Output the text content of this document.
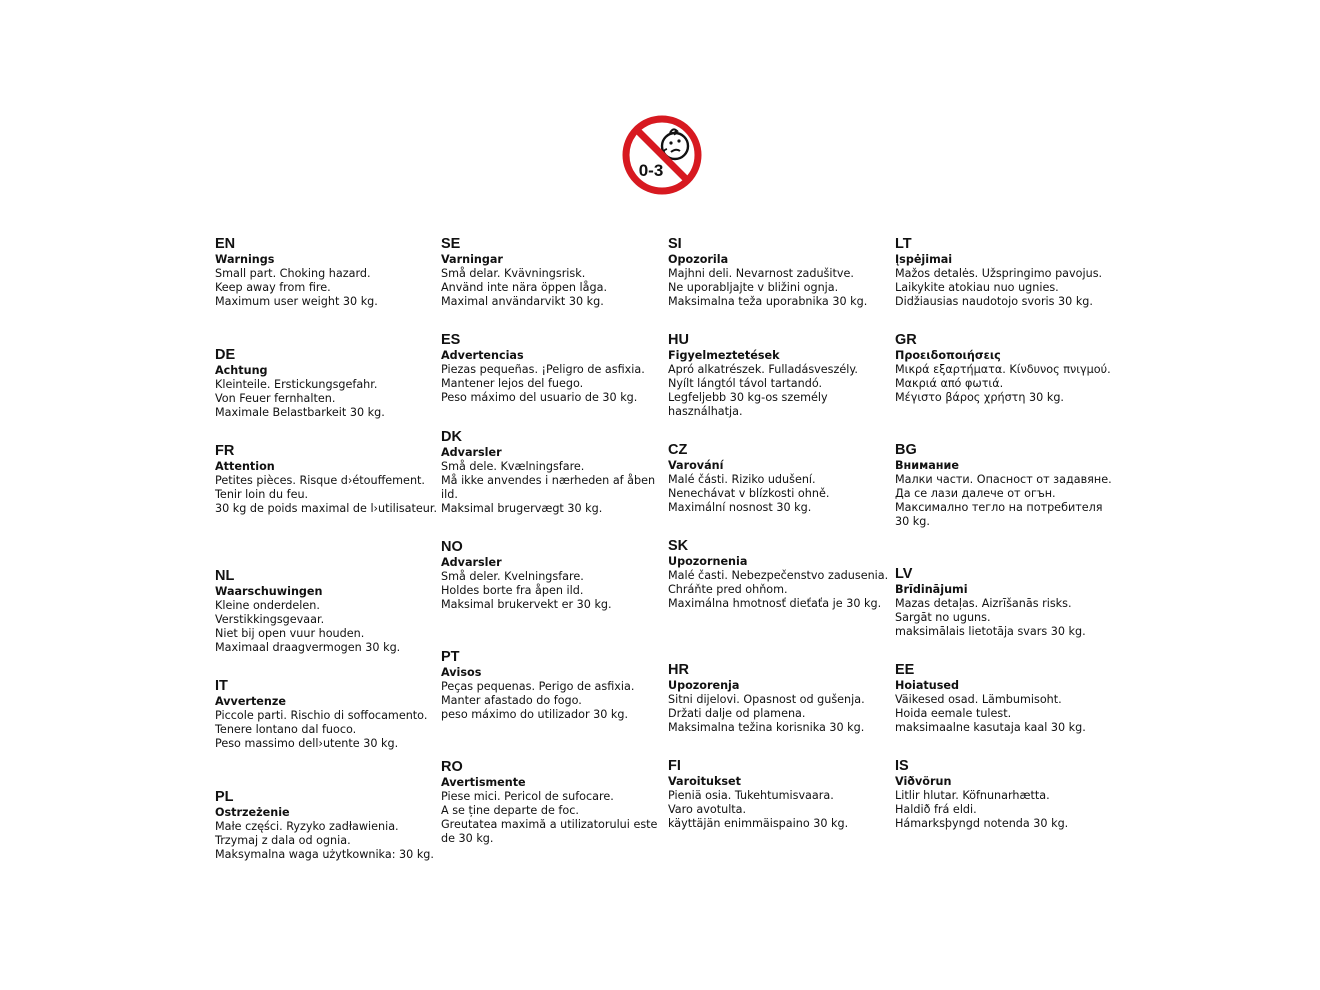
0-3
EN
Warnings
Small part. Choking hazard.
Keep away from fire.
Maximum user weight 30 kg.
DE
Achtung
Kleinteile. Erstickungsgefahr.
Von Feuer fernhalten.
Maximale Belastbarkeit 30 kg.
FR
Attention
Petites pièces. Risque d›étouffement.
Tenir loin du feu.
30 kg de poids maximal de l›utilisateur.
NL
Waarschuwingen
Kleine onderdelen.
Verstikkingsgevaar.
Niet bij open vuur houden.
Maximaal draagvermogen 30 kg.
IT
Avvertenze
Piccole parti. Rischio di soffocamento.
Tenere lontano dal fuoco.
Peso massimo dell›utente 30 kg.
PL
Ostrzeżenie
Małe części. Ryzyko zadławienia.
Trzymaj z dala od ognia.
Maksymalna waga użytkownika: 30 kg.
SE
Varningar
Små delar. Kvävningsrisk.
Använd inte nära öppen låga.
Maximal användarvikt 30 kg.
ES
Advertencias
Piezas pequeñas. ¡Peligro de asfixia.
Mantener lejos del fuego.
Peso máximo del usuario de 30 kg.
DK
Advarsler
Små dele. Kvælningsfare.
Må ikke anvendes i nærheden af åben ild.
Maksimal brugervægt 30 kg.
NO
Advarsler
Små deler. Kvelningsfare.
Holdes borte fra åpen ild.
Maksimal brukervekt er 30 kg.
PT
Avisos
Peças pequenas. Perigo de asfixia.
Manter afastado do fogo.
peso máximo do utilizador 30 kg.
RO
Avertismente
Piese mici. Pericol de sufocare.
A se ține departe de foc.
Greutatea maximă a utilizatorului este de 30 kg.
SI
Opozorila
Majhni deli. Nevarnost zadušitve.
Ne uporabljajte v bližini ognja.
Maksimalna teža uporabnika 30 kg.
HU
Figyelmeztetések
Apró alkatrészek. Fulladásveszély.
Nyílt lángtól távol tartandó.
Legfeljebb 30 kg-os személy használhatja.
CZ
Varování
Malé části. Riziko udušení.
Nenechávat v blízkosti ohně.
Maximální nosnost 30 kg.
SK
Upozornenia
Malé časti. Nebezpečenstvo zadusenia.
Chráňte pred ohňom.
Maximálna hmotnosť dieťaťa je 30 kg.
HR
Upozorenja
Sitni dijelovi. Opasnost od gušenja.
Držati dalje od plamena.
Maksimalna težina korisnika 30 kg.
FI
Varoitukset
Pieniä osia. Tukehtumisvaara.
Varo avotulta.
käyttäjän enimmäispaino 30 kg.
LT
Įspėjimai
Mažos detalės. Užspringimo pavojus.
Laikykite atokiau nuo ugnies.
Didžiausias naudotojo svoris 30 kg.
GR
Προειδοποιήσεις
Μικρά εξαρτήματα. Κίνδυνος πνιγμού.
Μακριά από φωτιά.
Μέγιστο βάρος χρήστη 30 kg.
BG
Внимание
Малки части. Опасност от задавяне.
Да се лази далече от огън.
Максимално тегло на потребителя 30 kg.
LV
Brīdinājumi
Mazas detaļas. Aizrīšanās risks.
Sargāt no uguns.
maksimālais lietotāja svars 30 kg.
EE
Hoiatused
Väikesed osad. Lämbumisoht.
Hoida eemale tulest.
maksimaalne kasutaja kaal 30 kg.
IS
Viðvörun
Litlir hlutar. Köfnunarhætta.
Haldið frá eldi.
Hámarksþyngd notenda 30 kg.
